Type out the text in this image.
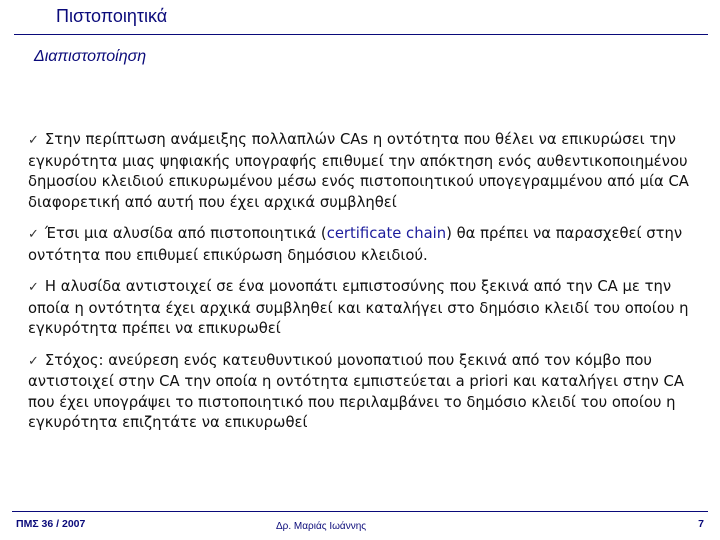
Πιστοποιητικά
Διαπιστοποίηση
✓ Στην περίπτωση ανάμειξης πολλαπλών CAs η οντότητα που θέλει να επικυρώσει την εγκυρότητα μιας ψηφιακής υπογραφής επιθυμεί την απόκτηση ενός αυθεντικοποιημένου δημοσίου κλειδιού επικυρωμένου μέσω ενός πιστοποιητικού υπογεγραμμένου από μία CA διαφορετική από αυτή που έχει αρχικά συμβληθεί
✓ Έτσι μια αλυσίδα από πιστοποιητικά (certificate chain) θα πρέπει να παρασχεθεί στην οντότητα που επιθυμεί επικύρωση δημόσιου κλειδιού.
✓ Η αλυσίδα αντιστοιχεί σε ένα μονοπάτι εμπιστοσύνης που ξεκινά από την CA με την οποία η οντότητα έχει αρχικά συμβληθεί και καταλήγει στο δημόσιο κλειδί του οποίου η εγκυρότητα πρέπει να επικυρωθεί
✓ Στόχος: ανεύρεση ενός κατευθυντικού μονοπατιού που ξεκινά από τον κόμβο που αντιστοιχεί στην CA την οποία η οντότητα εμπιστεύεται a priori και καταλήγει στην CA που έχει υπογράψει το πιστοποιητικό που περιλαμβάνει το δημόσιο κλειδί του οποίου η εγκυρότητα επιζητάτε να επικυρωθεί
ΠΜΣ 36 / 2007	Δρ. Μαριάς Ιωάννης	7
